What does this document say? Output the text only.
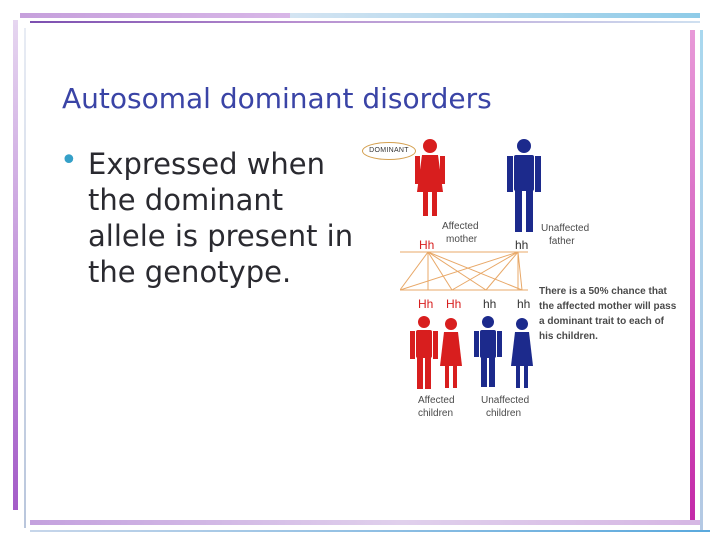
Autosomal dominant disorders
• Expressed when the dominant allele is present in the genotype.
DOMINANT
Affected
mother
Hh
Unaffected
father
hh
Hh Hh hh hh
There is a 50% chance that the affected mother will pass a dominant trait to each of his children.
Affected
children
Unaffected
children
